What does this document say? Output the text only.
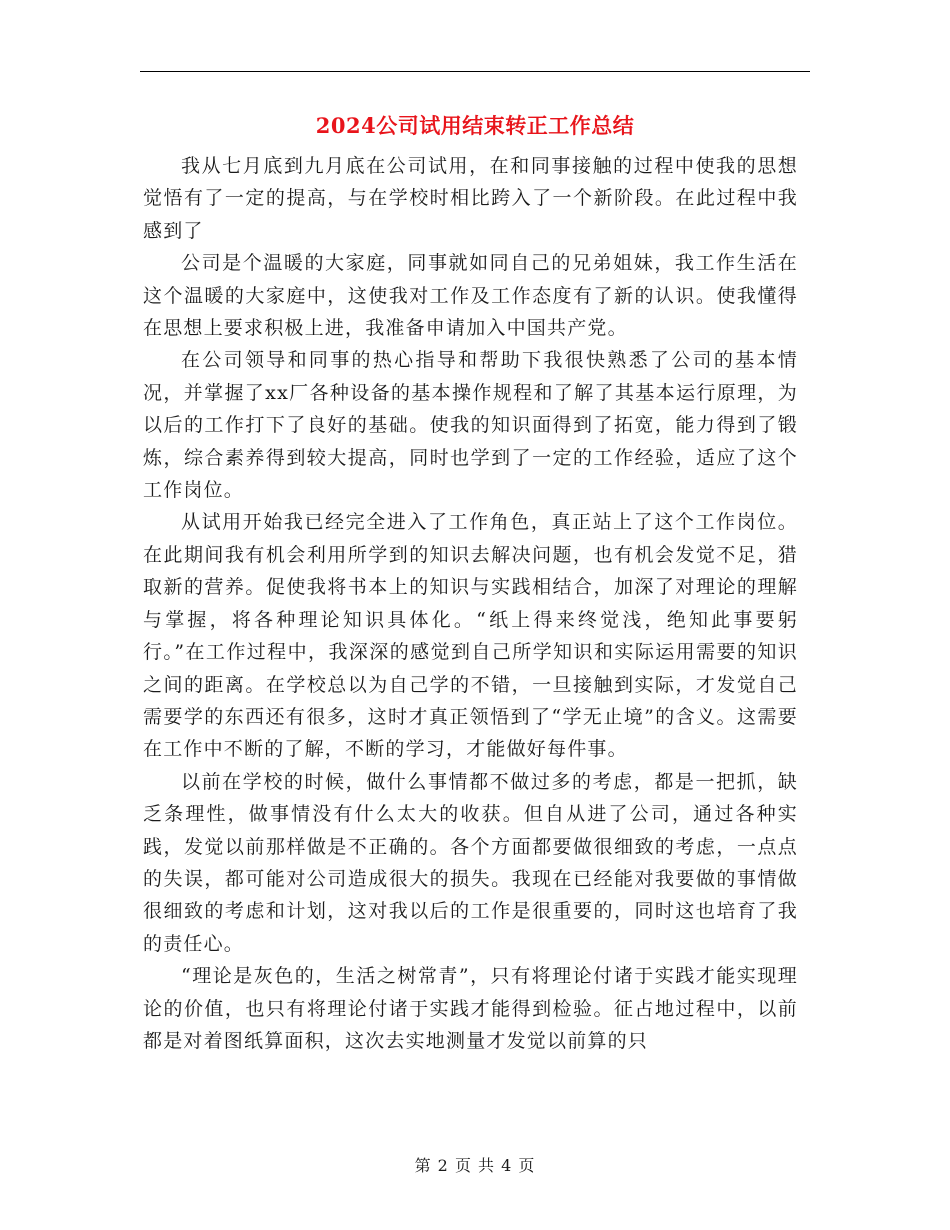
2024公司试用结束转正工作总结

我从七月底到九月底在公司试用，在和同事接触的过程中使我的思想觉悟有了一定的提高，与在学校时相比跨入了一个新阶段。在此过程中我感到了

公司是个温暖的大家庭，同事就如同自己的兄弟姐妹，我工作生活在这个温暖的大家庭中，这使我对工作及工作态度有了新的认识。使我懂得在思想上要求积极上进，我准备申请加入中国共产党。

在公司领导和同事的热心指导和帮助下我很快熟悉了公司的基本情况，并掌握了xx厂各种设备的基本操作规程和了解了其基本运行原理，为以后的工作打下了良好的基础。使我的知识面得到了拓宽，能力得到了锻炼，综合素养得到较大提高，同时也学到了一定的工作经验，适应了这个工作岗位。

从试用开始我已经完全进入了工作角色，真正站上了这个工作岗位。在此期间我有机会利用所学到的知识去解决问题，也有机会发觉不足，猎取新的营养。促使我将书本上的知识与实践相结合，加深了对理论的理解与掌握，将各种理论知识具体化。“纸上得来终觉浅，绝知此事要躬行。”在工作过程中，我深深的感觉到自己所学知识和实际运用需要的知识之间的距离。在学校总以为自己学的不错，一旦接触到实际，才发觉自己需要学的东西还有很多，这时才真正领悟到了“学无止境”的含义。这需要在工作中不断的了解，不断的学习，才能做好每件事。

以前在学校的时候，做什么事情都不做过多的考虑，都是一把抓，缺乏条理性，做事情没有什么太大的收获。但自从进了公司，通过各种实践，发觉以前那样做是不正确的。各个方面都要做很细致的考虑，一点点的失误，都可能对公司造成很大的损失。我现在已经能对我要做的事情做很细致的考虑和计划，这对我以后的工作是很重要的，同时这也培育了我的责任心。

“理论是灰色的，生活之树常青”，只有将理论付诸于实践才能实现理论的价值，也只有将理论付诸于实践才能得到检验。征占地过程中，以前都是对着图纸算面积，这次去实地测量才发觉以前算的只

第 2 页 共 4 页
